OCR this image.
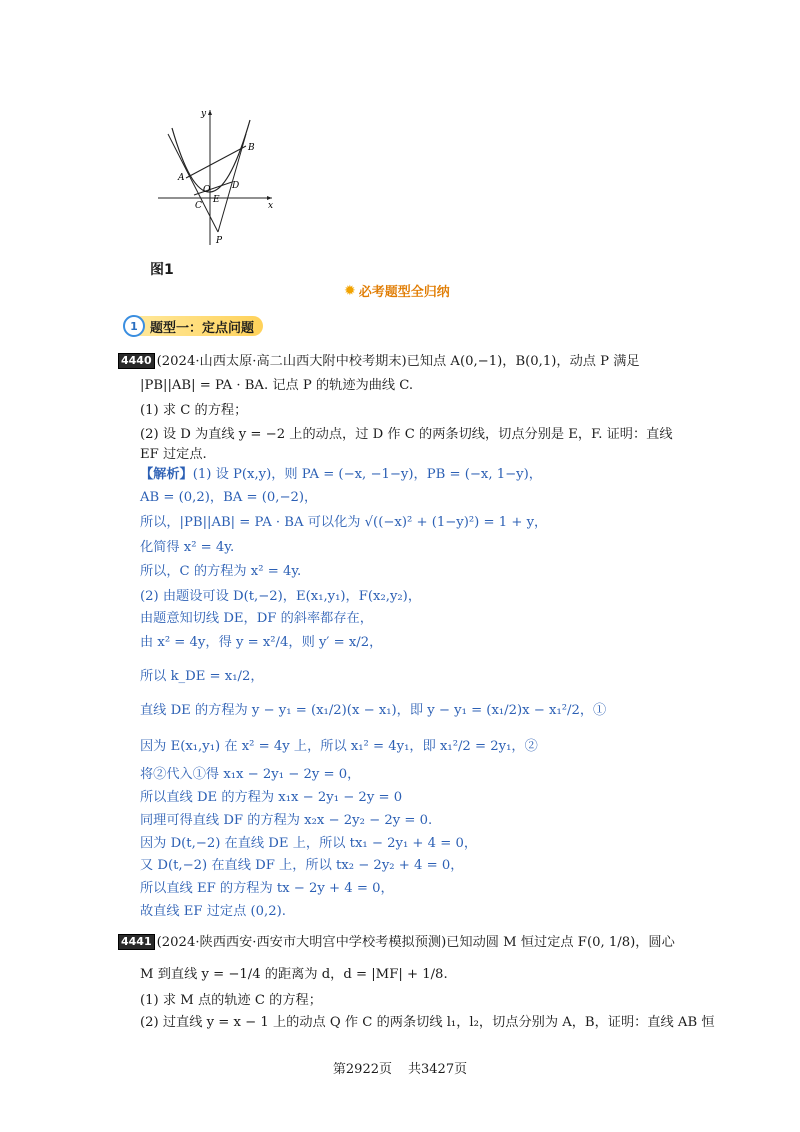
y
x
A
B
O D
C
E
P
图1
✹ 必考题型全归纳
1 题型一：定点问题
4440 (2024·山西太原·高二山西大附中校考期末)已知点 A(0,−1)，B(0,1)，动点 P 满足
|PB||AB| = PA · BA. 记点 P 的轨迹为曲线 C.
(1) 求 C 的方程；
(2) 设 D 为直线 y = −2 上的动点，过 D 作 C 的两条切线，切点分别是 E，F. 证明：直线
EF 过定点.
【解析】(1) 设 P(x,y)，则 PA = (−x, −1−y)，PB = (−x, 1−y)，
AB = (0,2)，BA = (0,−2)，
所以，|PB||AB| = PA · BA 可以化为 √((−x)² + (1−y)²) = 1 + y，
化简得 x² = 4y.
所以，C 的方程为 x² = 4y.
(2) 由题设可设 D(t,−2)，E(x₁,y₁)，F(x₂,y₂)，
由题意知切线 DE，DF 的斜率都存在，
由 x² = 4y，得 y = x²/4，则 y′ = x/2，
所以 k_DE = x₁/2，
直线 DE 的方程为 y − y₁ = (x₁/2)(x − x₁)，即 y − y₁ = (x₁/2)x − x₁²/2，①
因为 E(x₁,y₁) 在 x² = 4y 上，所以 x₁² = 4y₁，即 x₁²/2 = 2y₁，②
将②代入①得 x₁x − 2y₁ − 2y = 0，
所以直线 DE 的方程为 x₁x − 2y₁ − 2y = 0
同理可得直线 DF 的方程为 x₂x − 2y₂ − 2y = 0.
因为 D(t,−2) 在直线 DE 上，所以 tx₁ − 2y₁ + 4 = 0，
又 D(t,−2) 在直线 DF 上，所以 tx₂ − 2y₂ + 4 = 0，
所以直线 EF 的方程为 tx − 2y + 4 = 0，
故直线 EF 过定点 (0,2).
4441 (2024·陕西西安·西安市大明宫中学校考模拟预测)已知动圆 M 恒过定点 F(0, 1/8)，圆心
M 到直线 y = −1/4 的距离为 d，d = |MF| + 1/8.
(1) 求 M 点的轨迹 C 的方程；
(2) 过直线 y = x − 1 上的动点 Q 作 C 的两条切线 l₁，l₂，切点分别为 A，B，证明：直线 AB 恒
第2922页 共3427页
